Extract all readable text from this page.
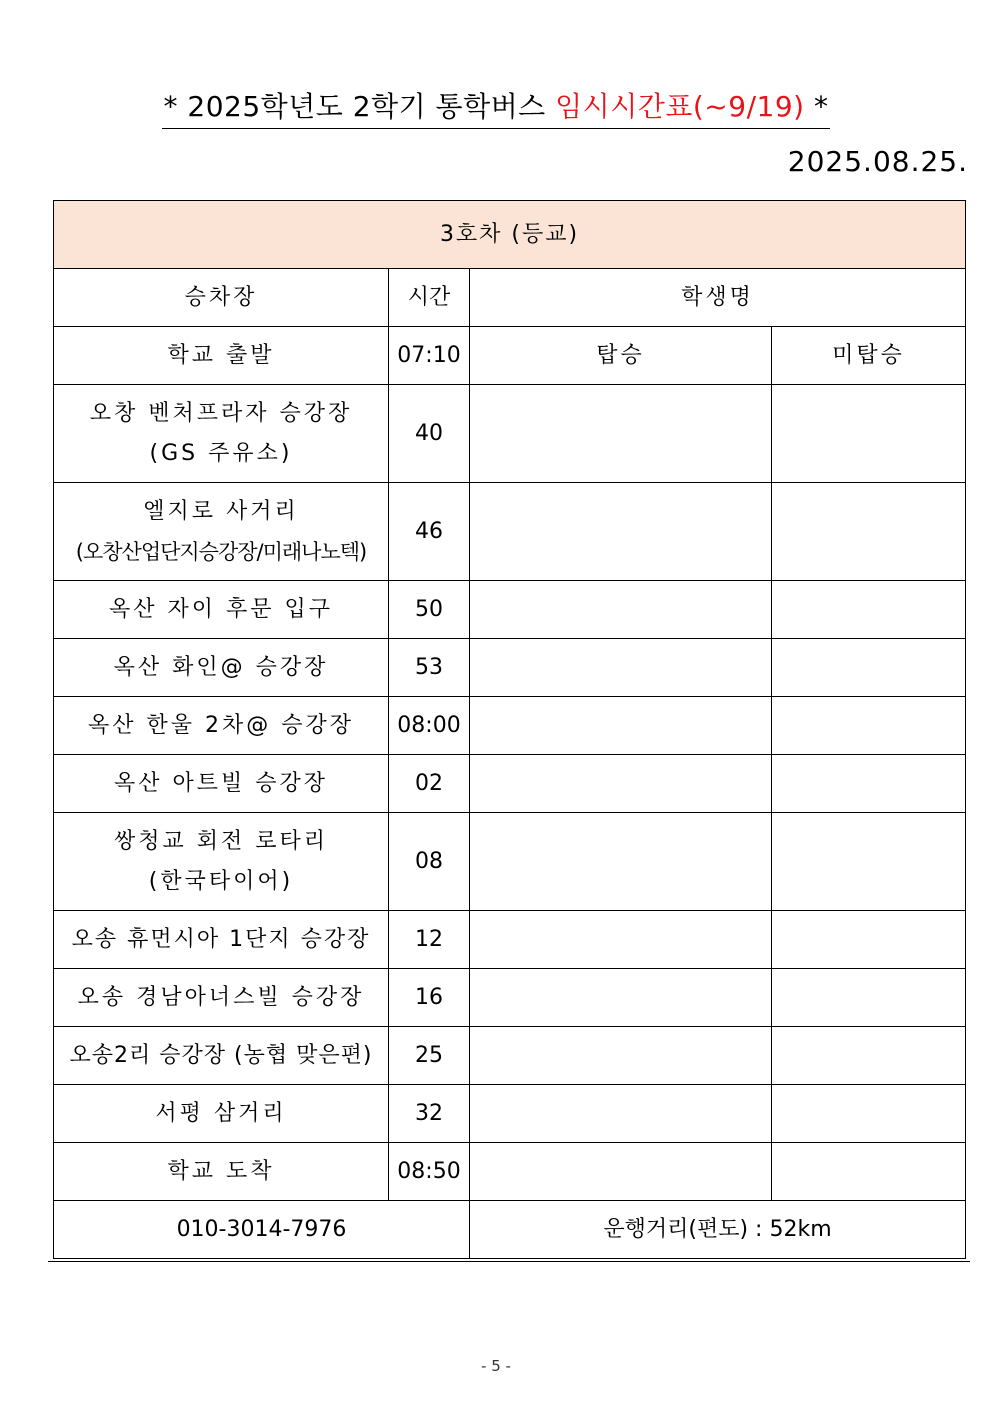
* 2025학년도 2학기 통학버스 임시시간표(~9/19) *
2025.08.25.
3호차 (등교)			
승차장	시간	학생명	
학교 출발	07:10	탑승	미탑승

오창 벤처프라자 승강장
(GS 주유소)	40		

엘지로 사거리
(오창산업단지승강장/미래나노텍)	46		
옥산 자이 후문 입구	50		
옥산 화인@ 승강장	53		
옥산 한울 2차@ 승강장	08:00		
옥산 아트빌 승강장	02		

쌍청교 회전 로타리
(한국타이어)	08		
오송 휴먼시아 1단지 승강장	12		
오송 경남아너스빌 승강장	16		
오송2리 승강장 (농협 맞은편)	25		
서평 삼거리	32		
학교 도착	08:50		
010-3014-7976		운행거리(편도) : 52km	
- 5 -
